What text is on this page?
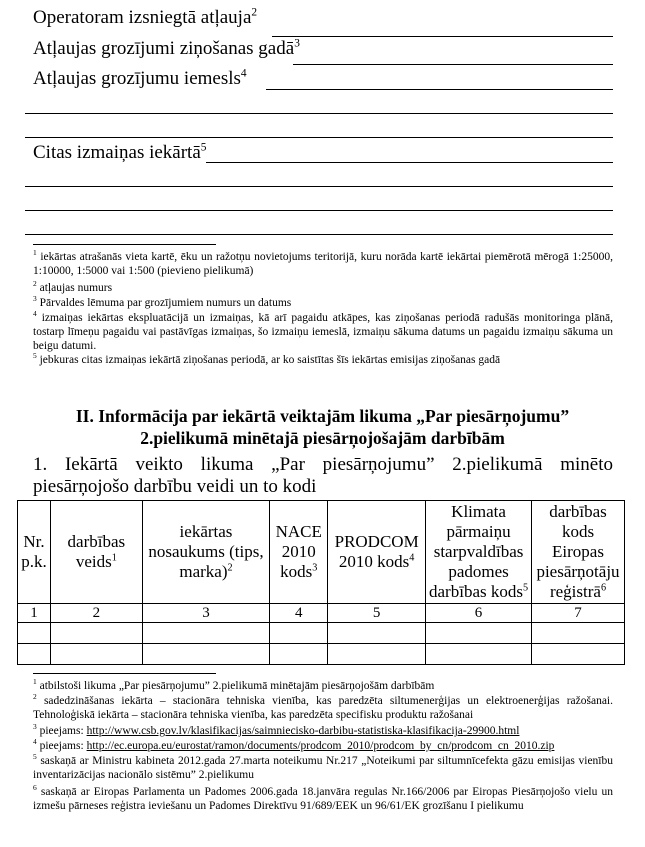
Operatoram izsniegtā atļauja$^2$
Atļaujas grozījumi ziņošanas gadā$^3$
Atļaujas grozījumu iemesls$^4$
Citas izmaiņas iekārtā$^5$
$^1$ iekārtas atrašanās vieta kartē, ēku un ražotņu novietojums teritorijā, kuru norāda kartē iekārtai piemērotā mērogā 1:25000, 1:10000, 1:5000 vai 1:500 (pievieno pielikumā)
$^2$ atļaujas numurs
$^3$ Pārvaldes lēmuma par grozījumiem numurs un datums
$^4$ izmaiņas iekārtas ekspluatācijā un izmaiņas, kā arī pagaidu atkāpes, kas ziņošanas periodā radušās monitoringa plānā, tostarp līmeņu pagaidu vai pastāvīgas izmaiņas, šo izmaiņu iemeslā, izmaiņu sākuma datums un pagaidu izmaiņu sākuma un beigu datumi.
$^5$ jebkuras citas izmaiņas iekārtā ziņošanas periodā, ar ko saistītas šīs iekārtas emisijas ziņošanas gadā
II. Informācija par iekārtā veiktajām likuma „Par piesārņojumu”
2.pielikumā minētajā piesārņojošajām darbībām
1. Iekārtā veikto likuma „Par piesārņojumu” 2.pielikumā minēto piesārņojošo darbību veidi un to kodi
Nr. p.k.	darbības veids$^1$	iekārtas nosaukums (tips, marka)$^2$	NACE 2010 kods$^3$	PRODCOM 2010 kods$^4$	Klimata pārmaiņu starpvaldības padomes darbības kods$^5$	darbības kods Eiropas piesārņotāju reģistrā$^6$
1	2	3	4	5	6	7

$^1$ atbilstoši likuma „Par piesārņojumu” 2.pielikumā minētajām piesārņojošām darbībām
$^2$ sadedzināšanas iekārta – stacionāra tehniska vienība, kas paredzēta siltumenerģijas un elektroenerģijas ražošanai. Tehnoloģiskā iekārta – stacionāra tehniska vienība, kas paredzēta specifisku produktu ražošanai
$^3$ pieejams: http://www.csb.gov.lv/klasifikacijas/saimniecisko-darbibu-statistiska-klasifikacija-29900.html
$^4$ pieejams: http://ec.europa.eu/eurostat/ramon/documents/prodcom_2010/prodcom_by_cn/prodcom_cn_2010.zip
$^5$ saskaņā ar Ministru kabineta 2012.gada 27.marta noteikumu Nr.217 „Noteikumi par siltumnīcefekta gāzu emisijas vienību inventarizācijas nacionālo sistēmu” 2.pielikumu
$^6$ saskaņā ar Eiropas Parlamenta un Padomes 2006.gada 18.janvāra regulas Nr.166/2006 par Eiropas Piesārņojošo vielu un izmešu pārneses reģistra ieviešanu un Padomes Direktīvu 91/689/EEK un 96/61/EK grozīšanu I pielikumu
